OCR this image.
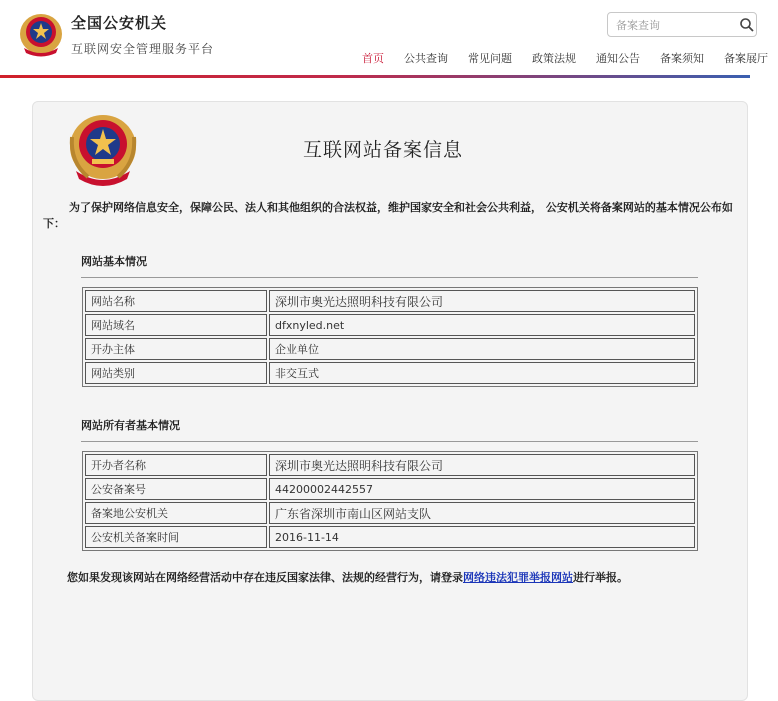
全国公安机关
互联网安全管理服务平台
备案查询
首页 公共查询 常见问题 政策法规 通知公告 备案须知 备案展厅
互联网站备案信息
为了保护网络信息安全，保障公民、法人和其他组织的合法权益，维护国家安全和社会公共利益， 公安机关将备案网站的基本情况公布如下：
网站基本情况
网站名称	深圳市奥光达照明科技有限公司
网站域名	dfxnyled.net
开办主体	企业单位
网站类别	非交互式
网站所有者基本情况
开办者名称	深圳市奥光达照明科技有限公司
公安备案号	44200002442557
备案地公安机关	广东省深圳市南山区网站支队
公安机关备案时间	2016-11-14
您如果发现该网站在网络经营活动中存在违反国家法律、法规的经营行为，请登录网络违法犯罪举报网站进行举报。
